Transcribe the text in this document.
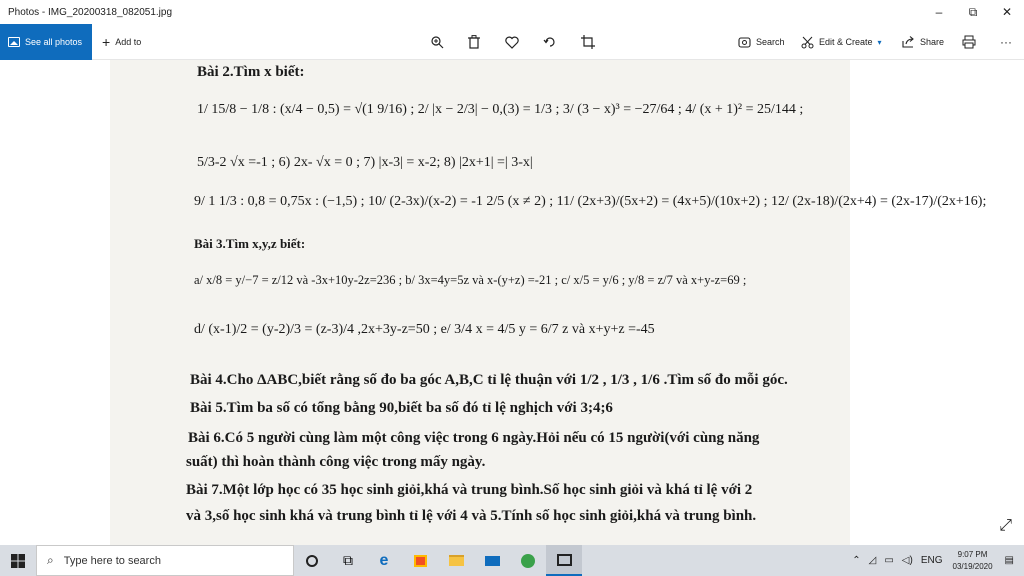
Photos - IMG_20200318_082051.jpg	–	⧉	✕
See all photos + Add to	Search	Edit & Create ▾	Share	···
Bài 2.Tìm x biết:
1/ 15/8 − 1/8 : (x/4 − 0,5) = √(1 9/16) ; 2/ |x − 2/3| − 0,(3) = 1/3 ; 3/ (3 − x)³ = −27/64 ; 4/ (x + 1)² = 25/144 ;
5/3-2 √x =-1 ; 6) 2x- √x = 0 ; 7) |x-3| = x-2; 8) |2x+1| =| 3-x|
9/ 1 1/3 : 0,8 = 0,75x : (−1,5) ; 10/ (2-3x)/(x-2) = -1 2/5 (x ≠ 2) ; 11/ (2x+3)/(5x+2) = (4x+5)/(10x+2) ; 12/ (2x-18)/(2x+4) = (2x-17)/(2x+16);
Bài 3.Tìm x,y,z biết:
a/ x/8 = y/−7 = z/12 và -3x+10y-2z=236 ; b/ 3x=4y=5z và x-(y+z) =-21 ; c/ x/5 = y/6 ; y/8 = z/7 và x+y-z=69 ;
d/ (x-1)/2 = (y-2)/3 = (z-3)/4 ,2x+3y-z=50 ; e/ 3/4 x = 4/5 y = 6/7 z và x+y+z =-45
Bài 4.Cho ΔABC,biết rằng số đo ba góc A,B,C tỉ lệ thuận với 1/2 , 1/3 , 1/6 .Tìm số đo mỗi góc.
Bài 5.Tìm ba số có tổng bằng 90,biết ba số đó tỉ lệ nghịch với 3;4;6
Bài 6.Có 5 người cùng làm một công việc trong 6 ngày.Hỏi nếu có 15 người(với cùng năng
suất) thì hoàn thành công việc trong mấy ngày.
Bài 7.Một lớp học có 35 học sinh giỏi,khá và trung bình.Số học sinh giỏi và khá tỉ lệ với 2
và 3,số học sinh khá và trung bình tỉ lệ với 4 và 5.Tính số học sinh giỏi,khá và trung bình.
⤢
⌕ Type here to search	⧉ e	⌃ ◿ ▭ ◁) ENG
9:07 PM
03/19/2020 ▤
